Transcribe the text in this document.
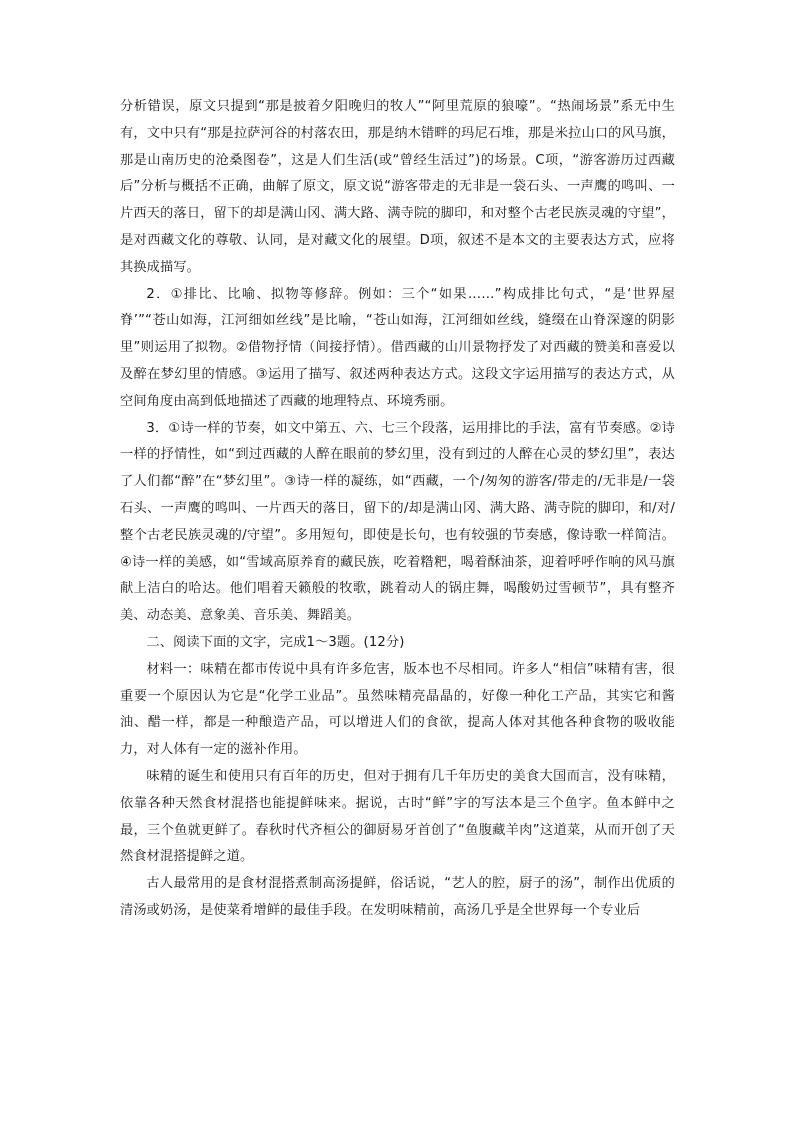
分析错误，原文只提到“那是披着夕阳晚归的牧人”“阿里荒原的狼嚎”。“热闹场景”系无中生有，文中只有“那是拉萨河谷的村落农田，那是纳木错畔的玛尼石堆，那是米拉山口的风马旗，那是山南历史的沧桑图卷”，这是人们生活(或“曾经生活过”)的场景。C项，“游客游历过西藏后”分析与概括不正确，曲解了原文，原文说“游客带走的无非是一袋石头、一声鹰的鸣叫、一片西天的落日，留下的却是满山冈、满大路、满寺院的脚印，和对整个古老民族灵魂的守望”，是对西藏文化的尊敬、认同，是对藏文化的展望。D项，叙述不是本文的主要表达方式，应将其换成描写。

2．①排比、比喻、拟物等修辞。例如：三个“如果……”构成排比句式，“是‘世界屋脊’”“苍山如海，江河细如丝线”是比喻，“苍山如海，江河细如丝线，缝缀在山脊深邃的阴影里”则运用了拟物。②借物抒情（间接抒情）。借西藏的山川景物抒发了对西藏的赞美和喜爱以及醉在梦幻里的情感。③运用了描写、叙述两种表达方式。这段文字运用描写的表达方式，从空间角度由高到低地描述了西藏的地理特点、环境秀丽。

3．①诗一样的节奏，如文中第五、六、七三个段落，运用排比的手法，富有节奏感。②诗一样的抒情性，如“到过西藏的人醉在眼前的梦幻里，没有到过的人醉在心灵的梦幻里”，表达了人们都“醉”在“梦幻里”。③诗一样的凝练，如“西藏，一个/匆匆的游客/带走的/无非是/一袋石头、一声鹰的鸣叫、一片西天的落日，留下的/却是满山冈、满大路、满寺院的脚印，和/对/整个古老民族灵魂的/守望”。多用短句，即使是长句，也有较强的节奏感，像诗歌一样简洁。④诗一样的美感，如“雪域高原养育的藏民族，吃着糌粑，喝着酥油茶，迎着呼呼作响的风马旗献上洁白的哈达。他们唱着天籁般的牧歌，跳着动人的锅庄舞，喝酸奶过雪顿节”，具有整齐美、动态美、意象美、音乐美、舞蹈美。

二、阅读下面的文字，完成1～3题。(12分)

材料一：味精在都市传说中具有许多危害，版本也不尽相同。许多人“相信”味精有害，很重要一个原因认为它是“化学工业品”。虽然味精亮晶晶的，好像一种化工产品，其实它和酱油、醋一样，都是一种酿造产品，可以增进人们的食欲，提高人体对其他各种食物的吸收能力，对人体有一定的滋补作用。

味精的诞生和使用只有百年的历史，但对于拥有几千年历史的美食大国而言，没有味精，依靠各种天然食材混搭也能提鲜味来。据说，古时“鲜”字的写法本是三个鱼字。鱼本鲜中之最，三个鱼就更鲜了。春秋时代齐桓公的御厨易牙首创了“鱼腹藏羊肉”这道菜，从而开创了天然食材混搭提鲜之道。

古人最常用的是食材混搭煮制高汤提鲜，俗话说，“艺人的腔，厨子的汤”，制作出优质的清汤或奶汤，是使菜肴增鲜的最佳手段。在发明味精前，高汤几乎是全世界每一个专业后
